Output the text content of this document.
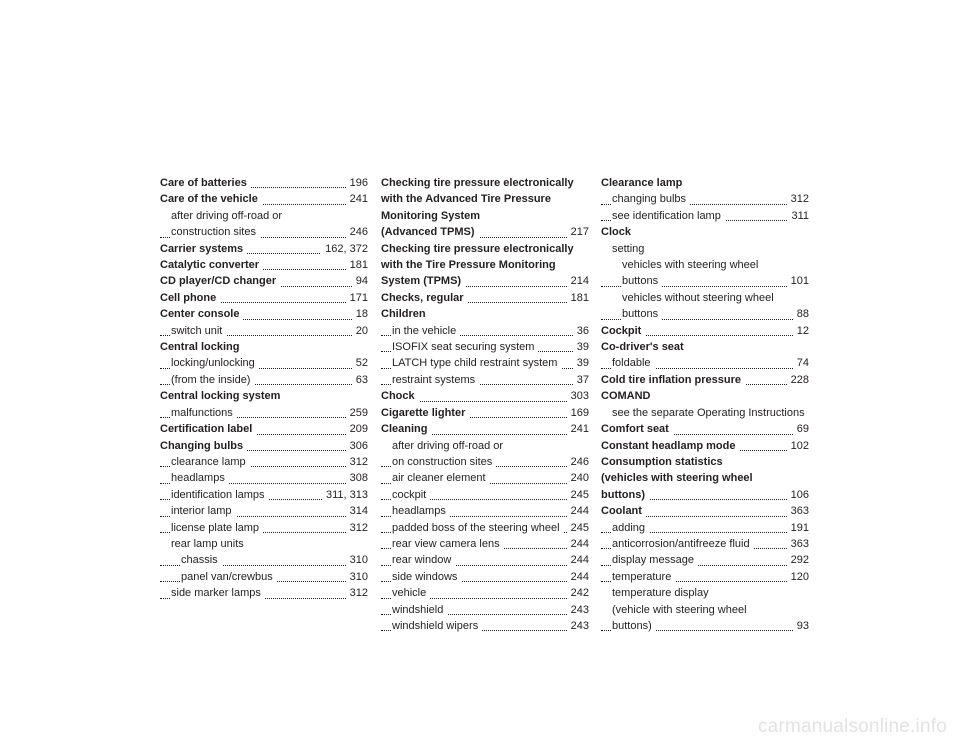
Care of batteries	196
Care of the vehicle	241
after driving off-road or
construction sites	246
Carrier systems	162, 372
Catalytic converter	181
CD player/CD changer	94
Cell phone	171
Center console	18
switch unit	20
Central locking
locking/unlocking	52
(from the inside)	63
Central locking system
malfunctions	259
Certification label	209
Changing bulbs	306
clearance lamp	312
headlamps	308
identification lamps	311, 313
interior lamp	314
license plate lamp	312
rear lamp units
chassis	310
panel van/crewbus	310
side marker lamps	312
Checking tire pressure electronically
with the Advanced Tire Pressure
Monitoring System
(Advanced TPMS)	217
Checking tire pressure electronically
with the Tire Pressure Monitoring
System (TPMS)	214
Checks, regular	181
Children
in the vehicle	36
ISOFIX seat securing system	39
LATCH type child restraint system	39
restraint systems	37
Chock	303
Cigarette lighter	169
Cleaning	241
after driving off-road or
on construction sites	246
air cleaner element	240
cockpit	245
headlamps	244
padded boss of the steering wheel	245
rear view camera lens	244
rear window	244
side windows	244
vehicle	242
windshield	243
windshield wipers	243
Clearance lamp
changing bulbs	312
see identification lamp	311
Clock
setting
vehicles with steering wheel
buttons	101
vehicles without steering wheel
buttons	88
Cockpit	12
Co-driver's seat
foldable	74
Cold tire inflation pressure	228
COMAND
see the separate Operating Instructions
Comfort seat	69
Constant headlamp mode	102
Consumption statistics
(vehicles with steering wheel
buttons)	106
Coolant	363
adding	191
anticorrosion/antifreeze fluid	363
display message	292
temperature	120
temperature display
(vehicle with steering wheel
buttons)	93
carmanualsonline.info
